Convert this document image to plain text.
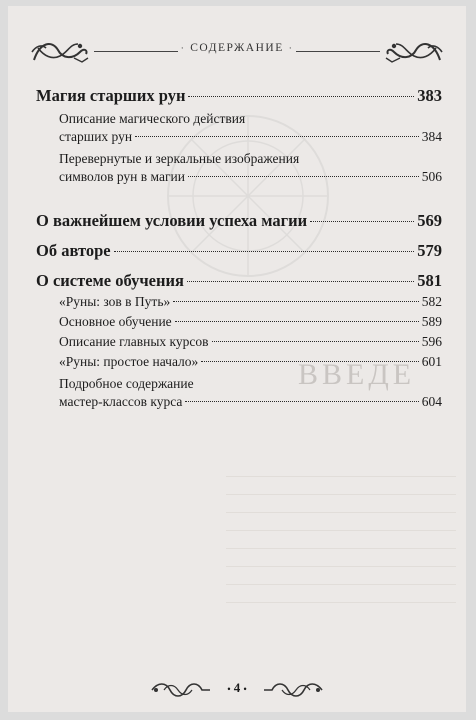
ВВЕДЕ
· СОДЕРЖАНИЕ ·
Магия старших рун	383
Описание магического действия
старших рун	384
Перевернутые и зеркальные изображения
символов рун в магии	506
О важнейшем условии успеха магии	569
Об авторе	579
О системе обучения	581
«Руны: зов в Путь»	582
Основное обучение	589
Описание главных курсов	596
«Руны: простое начало»	601
Подробное содержание
мастер-классов курса	604
• 4 •
